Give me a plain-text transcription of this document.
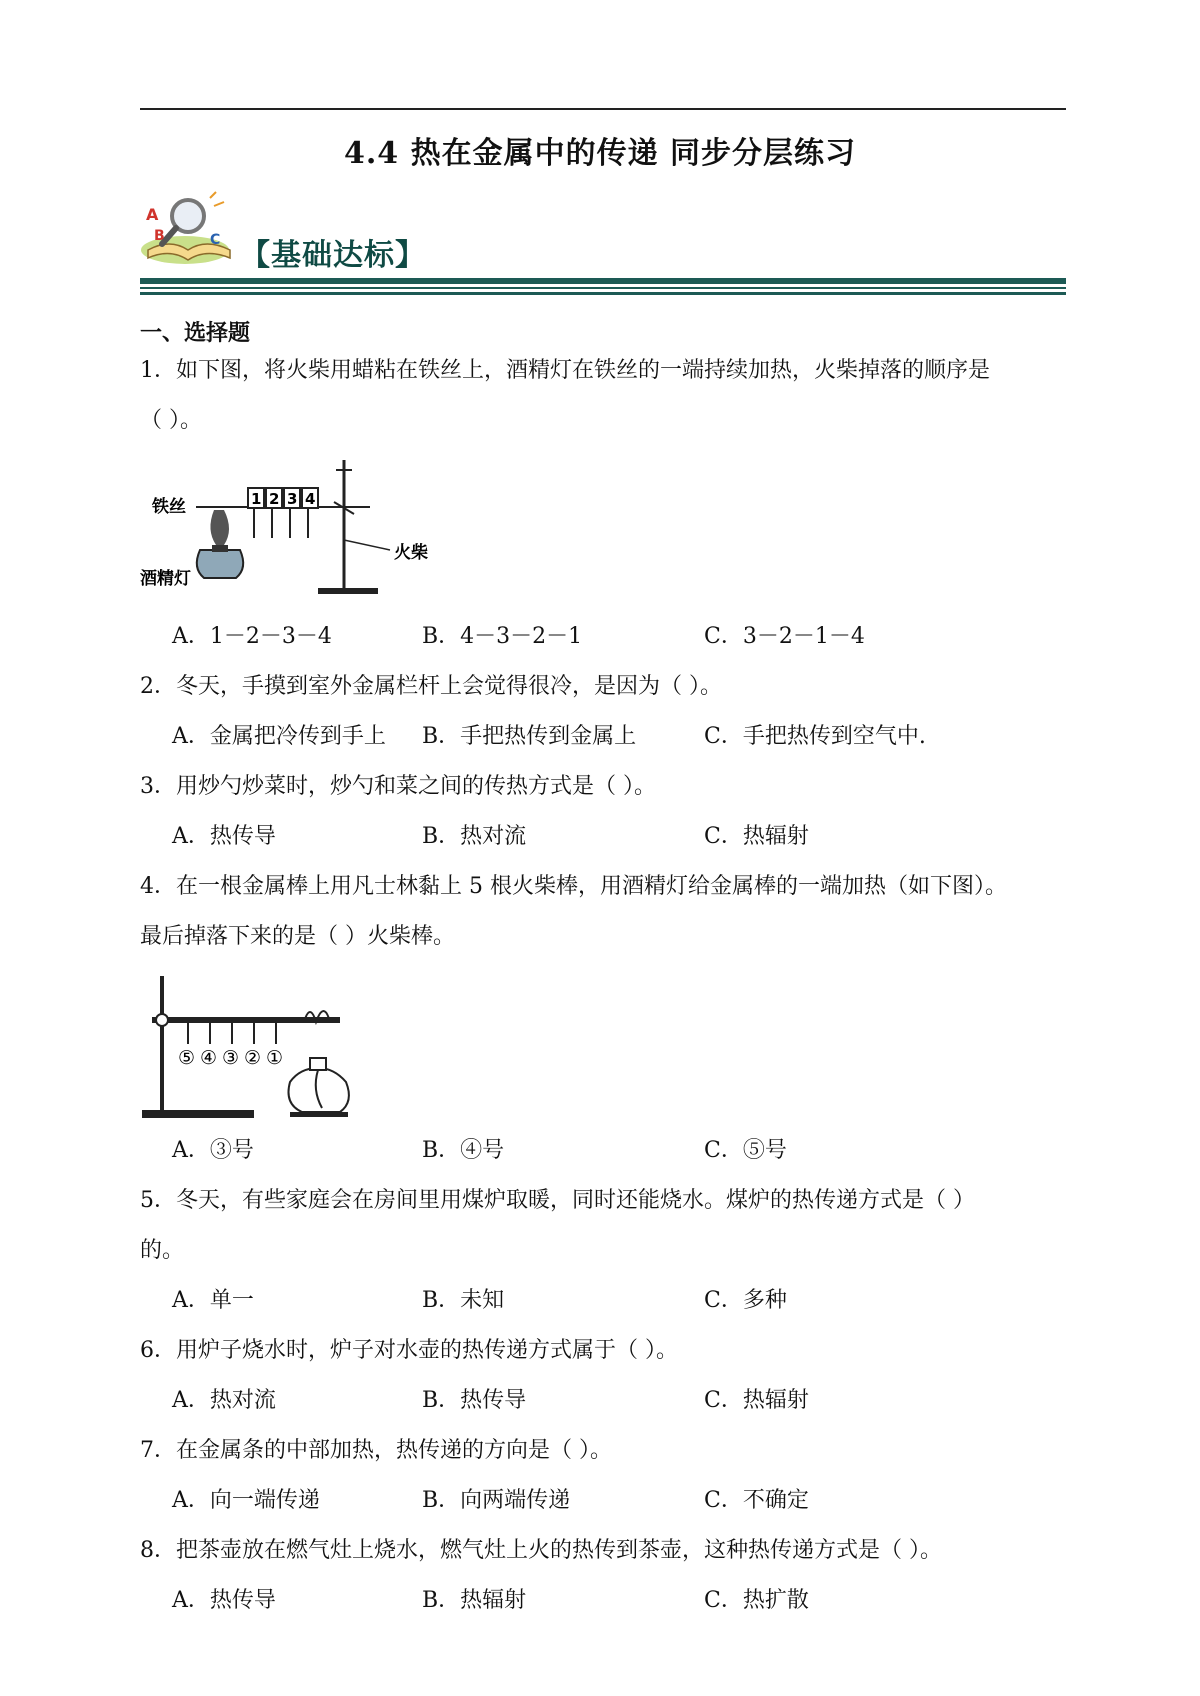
4.4 热在金属中的传递 同步分层练习
A
B	C 【基础达标】
一、选择题
1．如下图，将火柴用蜡粘在铁丝上，酒精灯在铁丝的一端持续加热，火柴掉落的顺序是
（ ）。
铁丝	1 2 3 4
火柴
酒精灯
A．1－2－3－4	B．4－3－2－1	C．3－2－1－4
2．冬天，手摸到室外金属栏杆上会觉得很冷，是因为（ ）。
A．金属把冷传到手上 B．手把热传到金属上	C．手把热传到空气中.
3．用炒勺炒菜时，炒勺和菜之间的传热方式是（ ）。
A．热传导	B．热对流	C．热辐射
4．在一根金属棒上用凡士林黏上 5 根火柴棒，用酒精灯给金属棒的一端加热（如下图）。
最后掉落下来的是（ ）火柴棒。
⑤ ④ ③ ② ①
A．③号	B．④号	C．⑤号
5．冬天，有些家庭会在房间里用煤炉取暖，同时还能烧水。煤炉的热传递方式是（ ）
的。
A．单一	B．未知	C．多种
6．用炉子烧水时，炉子对水壶的热传递方式属于（ ）。
A．热对流	B．热传导	C．热辐射
7．在金属条的中部加热，热传递的方向是（ ）。
A．向一端传递	B．向两端传递	C．不确定
8．把茶壶放在燃气灶上烧水，燃气灶上火的热传到茶壶，这种热传递方式是（ ）。
A．热传导	B．热辐射	C．热扩散
